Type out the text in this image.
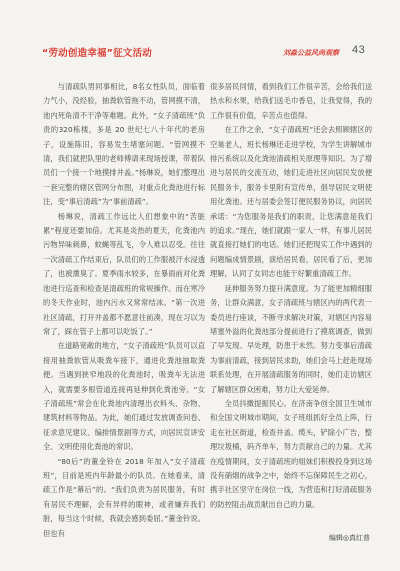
“劳动创造幸福”征文活动	刘淼公益风尚观察	43

与清疏队男同事相比，8名女性队员，面临着力气小，没经验，抽粪软管拖不动，管网摸不清，池内死角清不干净等难题。此外，“女子清疏班”负责的320栋楼，多是 20 世纪七八十年代的老房子，设施陈旧，容易发生堵塞问题。“管网摸不清，我们就把队里的老师傅请来现场授课，带着队员们一个接一个地摸排井盖。”杨琳说，她们整理出一套完整的辖区管网分布图，对重点化粪池进行标注，变“事后清疏”为“事前清疏”。

杨琳说，清疏工作远比人们想象中的“苦脏累”程度还要加倍。尤其是炎热的夏天，化粪池内污物异味刺鼻，蚊蝇等乱飞，令人难以忍受。往往一次清疏工作结束后，队员们的工作服被汗水浸透了，也被熏臭了。夏季雨水较多，在暴雨前对化粪池进行巡查和检查是清疏班的常规操作。而在寒冷的冬天作业时，池内污水又常常结冰。“第一次进社区清疏，打开井盖都不愿意往前凑，现在习以为常了，踩在管子上都可以吃饭了。”

在道路宽敞的地方，“女子清疏班”队员可以直接用抽粪软管从吸粪车接下，通进化粪池抽取粪便。当遇到狭窄地段的化粪池时，吸粪车无法进入，就需要多根管道连接再延伸到化粪池旁。“女子清疏班”常会在化粪池内清理出衣料头、杂物、建筑材料等物品。为此，她们通过发放调查问卷、征求意见建议、编排情景剧等方式，向居民宣讲安全、文明使用化粪池的常识。

“80后”的董金铃在 2018 年加入“女子清疏班”，目前是班内年龄最小的队员。在她看来，清疏工作是“幕后”的。“我们负责为居民服务，有时有居民不理解，会有异样的眼神，或者嫌弃我们脏，每当这个时候，我就会感到委屈。”董金铃说。但也有

很多居民同情，看到我们工作很辛苦，会给我们送热水和水果，给我们送毛巾香皂，让我觉得，我的工作很有价值，辛苦点也值得。

在工作之余，“女子清疏班”还会去照顾辖区的空巢老人，班长杨琳还走进学校，为学生讲解城市排污系统以及化粪池清疏相关原理等知识。为了增进与居民的交流互动，她们走进社区向居民发放便民服务卡，服务卡里附有宣传单，倡导居民文明使用化粪池。还与居委会签订便民服务协议，向居民承诺：“为您服务是我们的职责，让您满意是我们的追求。”现在，她们就跟一家人一样，有事儿居民就直接打她们的电话。她们还把现实工作中遇到的问题编成情景剧，演给居民看，居民看了后，更加理解，认同了女同志也能干好繁重清疏工作。

延伸服务努力提升满意度。为了能更加精细服务，让群众满意，女子清疏班与辖区内的两代表一委员进行座谈，不断寻求解决对策，对辖区内容易堵塞外溢的化粪池部分提前进行了摸底调查，做到了早发现、早处理，防患于未然。努力变事后清疏为事前清疏，接到居民求助，她们会马上赶赴现场联系处理，在开展清疏服务的同时，她们走访辖区了解辖区群众困难，努力让大爱延伸。

全员抖擞提振民心。在济南争创全国卫生城市和全国文明城市期间，女子班组抓好全员上阵，行走在社区街道，检查井盖、缆头，铲除小广告，整理垃圾桶，码齐单车，努力贡献自己的力量。尤其在疫情期间，女子清疏班的姐妹们积极投身到这场没有硝烟的战争之中，始终不忘保障民生之初心，携手社区坚守在岗位一线，为营造和打好清疏服务的防控阻击战贡献出自己的力量。

编辑◎真红普
